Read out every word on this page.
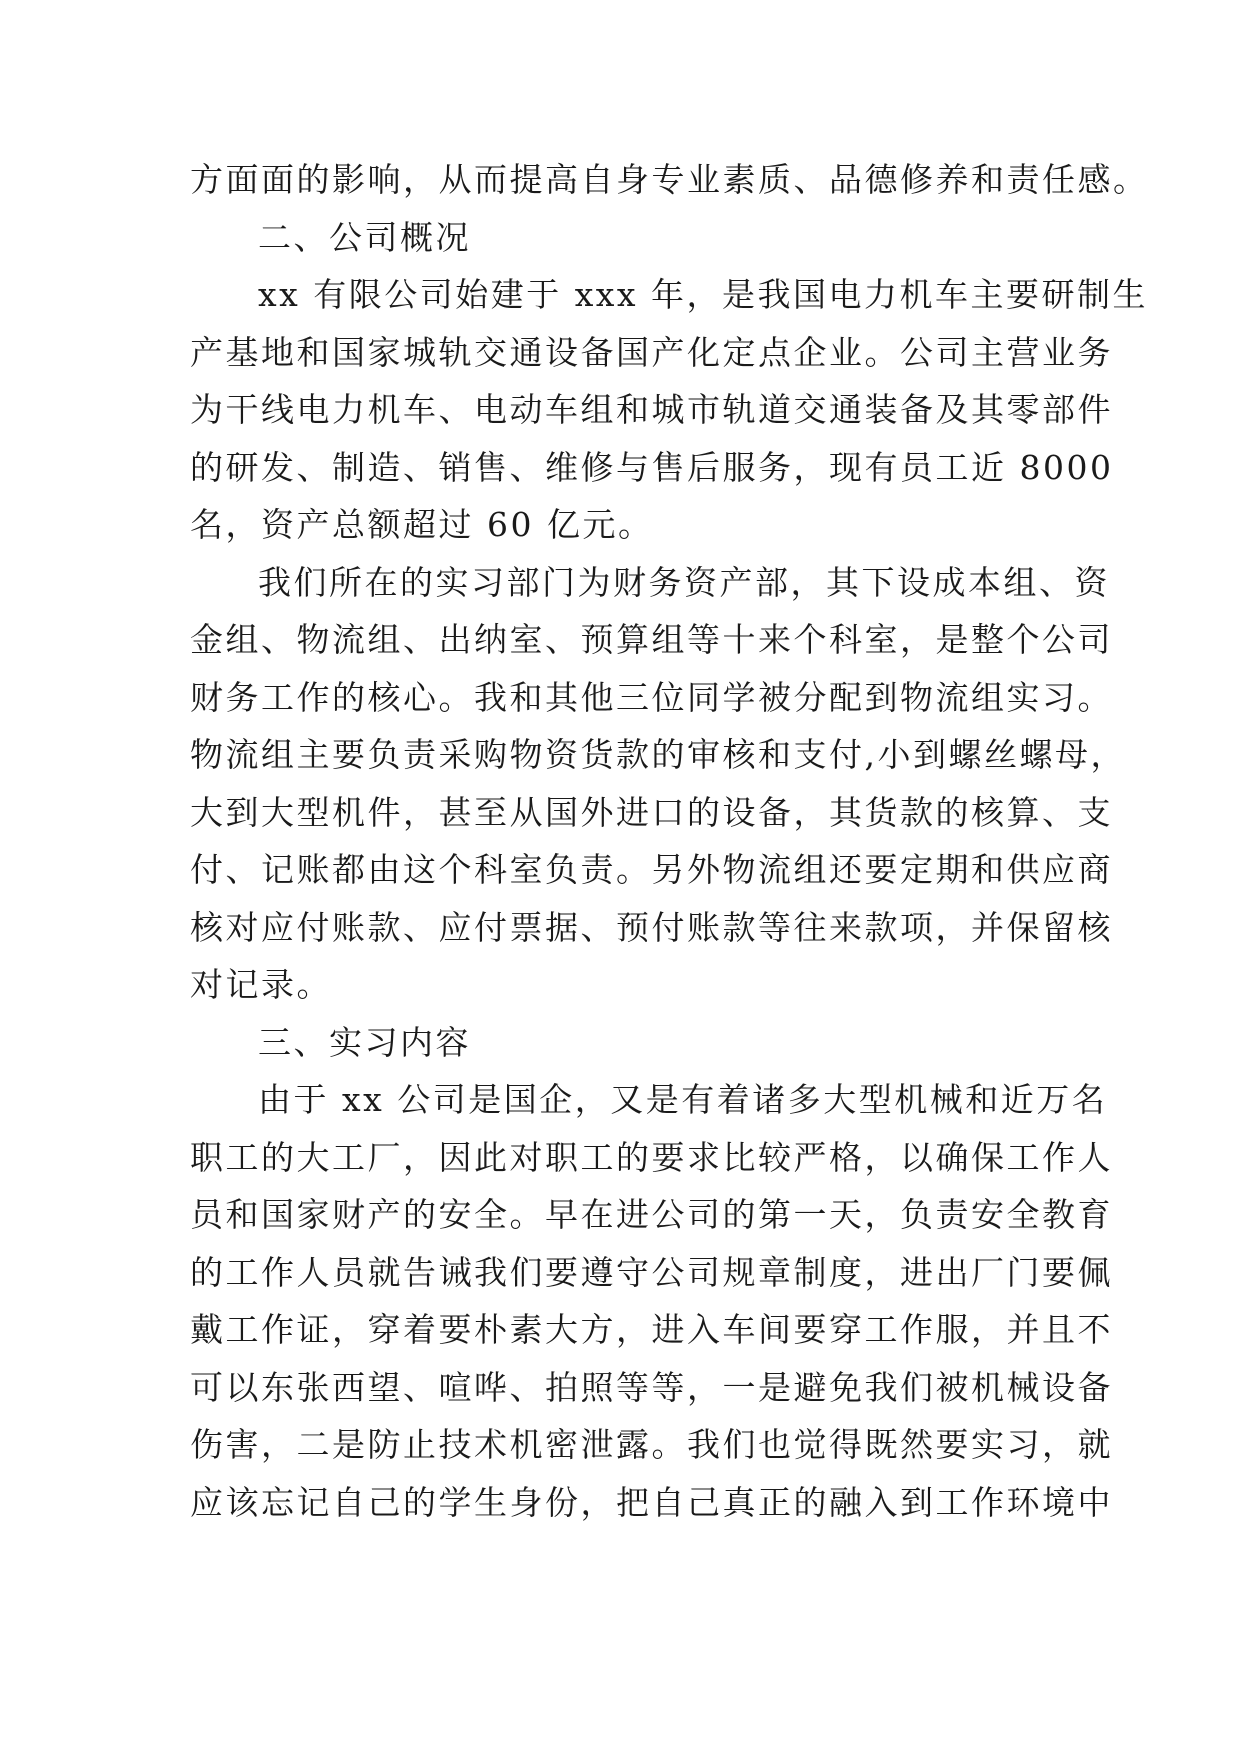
方面面的影响，从而提高自身专业素质、品德修养和责任感。
二、公司概况
xx 有限公司始建于 xxx 年，是我国电力机车主要研制生
产基地和国家城轨交通设备国产化定点企业。公司主营业务
为干线电力机车、电动车组和城市轨道交通装备及其零部件
的研发、制造、销售、维修与售后服务，现有员工近 8000
名，资产总额超过 60 亿元。
我们所在的实习部门为财务资产部，其下设成本组、资
金组、物流组、出纳室、预算组等十来个科室，是整个公司
财务工作的核心。我和其他三位同学被分配到物流组实习。
物流组主要负责采购物资货款的审核和支付,小到螺丝螺母，
大到大型机件，甚至从国外进口的设备，其货款的核算、支
付、记账都由这个科室负责。另外物流组还要定期和供应商
核对应付账款、应付票据、预付账款等往来款项，并保留核
对记录。
三、实习内容
由于 xx 公司是国企，又是有着诸多大型机械和近万名
职工的大工厂，因此对职工的要求比较严格，以确保工作人
员和国家财产的安全。早在进公司的第一天，负责安全教育
的工作人员就告诫我们要遵守公司规章制度，进出厂门要佩
戴工作证，穿着要朴素大方，进入车间要穿工作服，并且不
可以东张西望、喧哗、拍照等等，一是避免我们被机械设备
伤害，二是防止技术机密泄露。我们也觉得既然要实习，就
应该忘记自己的学生身份，把自己真正的融入到工作环境中
